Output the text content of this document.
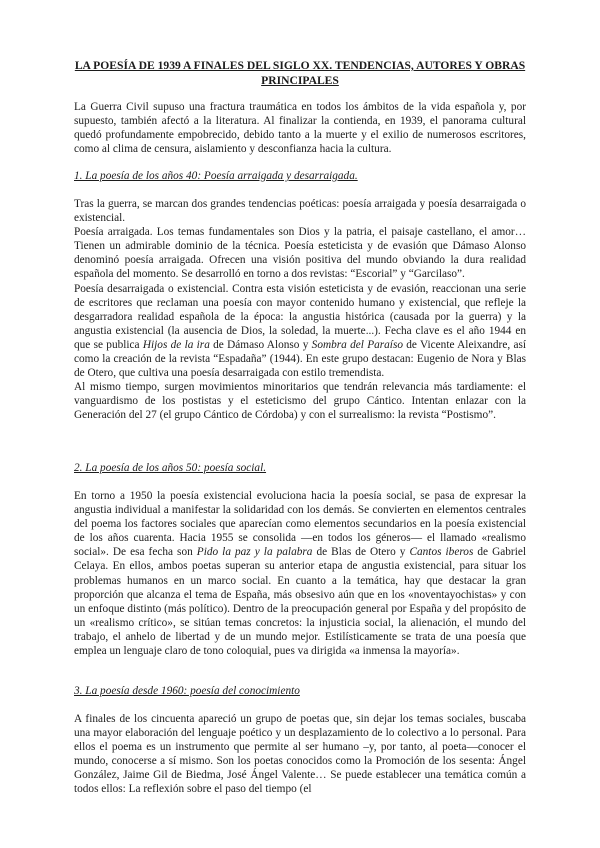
LA POESÍA DE 1939 A FINALES DEL SIGLO XX. TENDENCIAS, AUTORES Y OBRAS PRINCIPALES

La Guerra Civil supuso una fractura traumática en todos los ámbitos de la vida española y, por supuesto, también afectó a la literatura. Al finalizar la contienda, en 1939, el panorama cultural quedó profundamente empobrecido, debido tanto a la muerte y el exilio de numerosos escritores, como al clima de censura, aislamiento y desconfianza hacia la cultura.

1. La poesía de los años 40: Poesía arraigada y desarraigada.

Tras la guerra, se marcan dos grandes tendencias poéticas: poesía arraigada y poesía desarraigada o existencial.

Poesía arraigada. Los temas fundamentales son Dios y la patria, el paisaje castellano, el amor… Tienen un admirable dominio de la técnica. Poesía esteticista y de evasión que Dámaso Alonso denominó poesía arraigada. Ofrecen una visión positiva del mundo obviando la dura realidad española del momento. Se desarrolló en torno a dos revistas: “Escorial” y “Garcilaso”.

Poesía desarraigada o existencial. Contra esta visión esteticista y de evasión, reaccionan una serie de escritores que reclaman una poesía con mayor contenido humano y existencial, que refleje la desgarradora realidad española de la época: la angustia histórica (causada por la guerra) y la angustia existencial (la ausencia de Dios, la soledad, la muerte...). Fecha clave es el año 1944 en que se publica Hijos de la ira de Dámaso Alonso y Sombra del Paraíso de Vicente Aleixandre, así como la creación de la revista “Espadaña” (1944). En este grupo destacan: Eugenio de Nora y Blas de Otero, que cultiva una poesía desarraigada con estilo tremendista.

Al mismo tiempo, surgen movimientos minoritarios que tendrán relevancia más tardiamente: el vanguardismo de los postistas y el esteticismo del grupo Cántico. Intentan enlazar con la Generación del 27 (el grupo Cántico de Córdoba) y con el surrealismo: la revista “Postismo”.

2. La poesía de los años 50: poesía social.

En torno a 1950 la poesía existencial evoluciona hacia la poesía social, se pasa de expresar la angustia individual a manifestar la solidaridad con los demás. Se convierten en elementos centrales del poema los factores sociales que aparecían como elementos secundarios en la poesía existencial de los años cuarenta. Hacia 1955 se consolida —en todos los géneros— el llamado «realismo social». De esa fecha son Pido la paz y la palabra de Blas de Otero y Cantos iberos de Gabriel Celaya. En ellos, ambos poetas superan su anterior etapa de angustia existencial, para situar los problemas humanos en un marco social. En cuanto a la temática, hay que destacar la gran proporción que alcanza el tema de España, más obsesivo aún que en los «noventayochistas» y con un enfoque distinto (más político). Dentro de la preocupación general por España y del propósito de un «realismo crítico», se sitúan temas concretos: la injusticia social, la alienación, el mundo del trabajo, el anhelo de libertad y de un mundo mejor. Estilísticamente se trata de una poesía que emplea un lenguaje claro de tono coloquial, pues va dirigida «a inmensa la mayoría».

3. La poesía desde 1960: poesía del conocimiento

A finales de los cincuenta apareció un grupo de poetas que, sin dejar los temas sociales, buscaba una mayor elaboración del lenguaje poético y un desplazamiento de lo colectivo a lo personal. Para ellos el poema es un instrumento que permite al ser humano –y, por tanto, al poeta—conocer el mundo, conocerse a sí mismo. Son los poetas conocidos como la Promoción de los sesenta: Ángel González, Jaime Gil de Biedma, José Ángel Valente… Se puede establecer una temática común a todos ellos: La reflexión sobre el paso del tiempo (el
